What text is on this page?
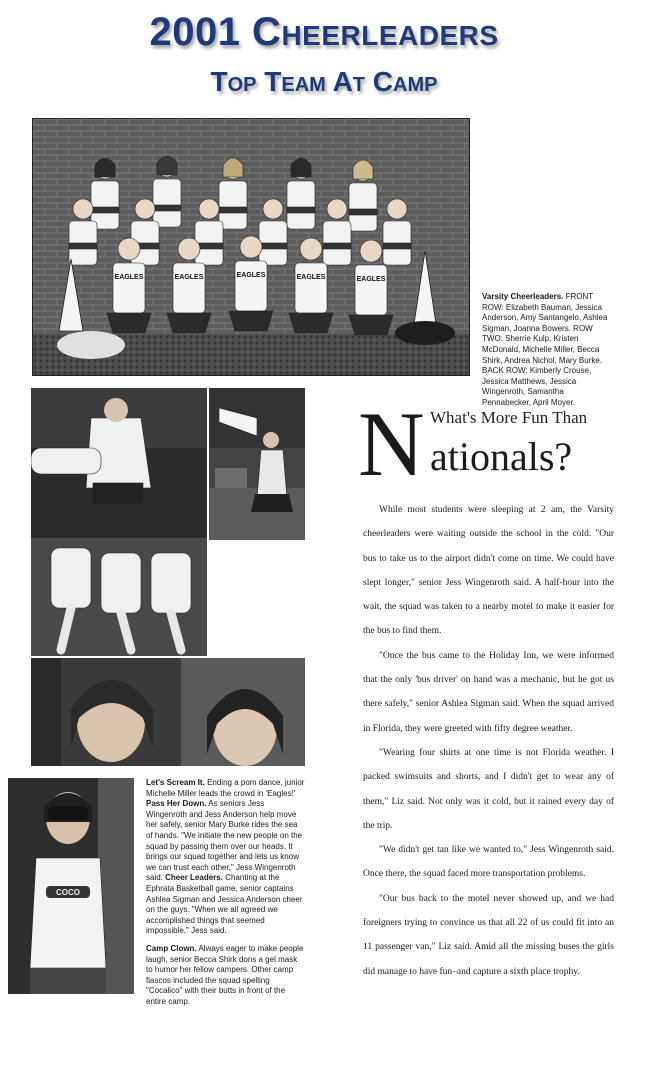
2001 Cheerleaders
Top Team At Camp
EAGLES	EAGLES	EAGLES	EAGLES	EAGLES
Varsity Cheerleaders. FRONT ROW: Elizabeth Bauman, Jessica Anderson, Amy Santangelo, Ashlea Sigman, Joanna Bowers. ROW TWO: Sherrie Kulp, Kristen McDonald, Michelle Miller, Becca Shirk, Andrea Nichol, Mary Burke. BACK ROW: Kimberly Crouse, Jessica Matthews, Jessica Wingenroth, Samantha Pennabecker, April Moyer.
COCO
Let's Scream It. Ending a pom dance, junior Michelle Miller leads the crowd in 'Eagles!' Pass Her Down. As seniors Jess Wingenroth and Jess Anderson help move her safely, senior Mary Burke rides the sea of hands. "We initiate the new people on the squad by passing them over our heads. It brings our squad together and lets us know we can trust each other," Jess Wingenroth said. Cheer Leaders. Chanting at the Ephrata Basketball game, senior captains Ashlea Sigman and Jessica Anderson cheer on the guys. "When we all agreed we accomplished things that seemed impossible," Jess said.
Camp Clown. Always eager to make people laugh, senior Becca Shirk dons a gel mask to humor her fellow campers. Other camp fiascos included the squad spelling "Cocalico" with their butts in front of the entire camp.
N What's More Fun Than
ationals?

While most students were sleeping at 2 am, the Varsity cheerleaders were waiting outside the school in the cold. "Our bus to take us to the airport didn't come on time. We could have slept longer," senior Jess Wingenroth said. A half-hour into the wait, the squad was taken to a nearby motel to make it easier for the bus to find them.

"Once the bus came to the Holiday Inn, we were informed that the only 'bus driver' on hand was a mechanic, but he got us there safely," senior Ashlea Sigman said. When the squad arrived in Florida, they were greeted with fifty degree weather.

"Wearing four shirts at one time is not Florida weather. I packed swimsuits and shorts, and I didn't get to wear any of them," Liz said. Not only was it cold, but it rained every day of the trip.

"We didn't get tan like we wanted to," Jess Wingenroth said. Once there, the squad faced more transportation problems.

"Our bus back to the motel never showed up, and we had foreigners trying to convince us that all 22 of us could fit into an 11 passenger van," Liz said. Amid all the missing buses the girls did manage to have fun–and capture a sixth place trophy.
